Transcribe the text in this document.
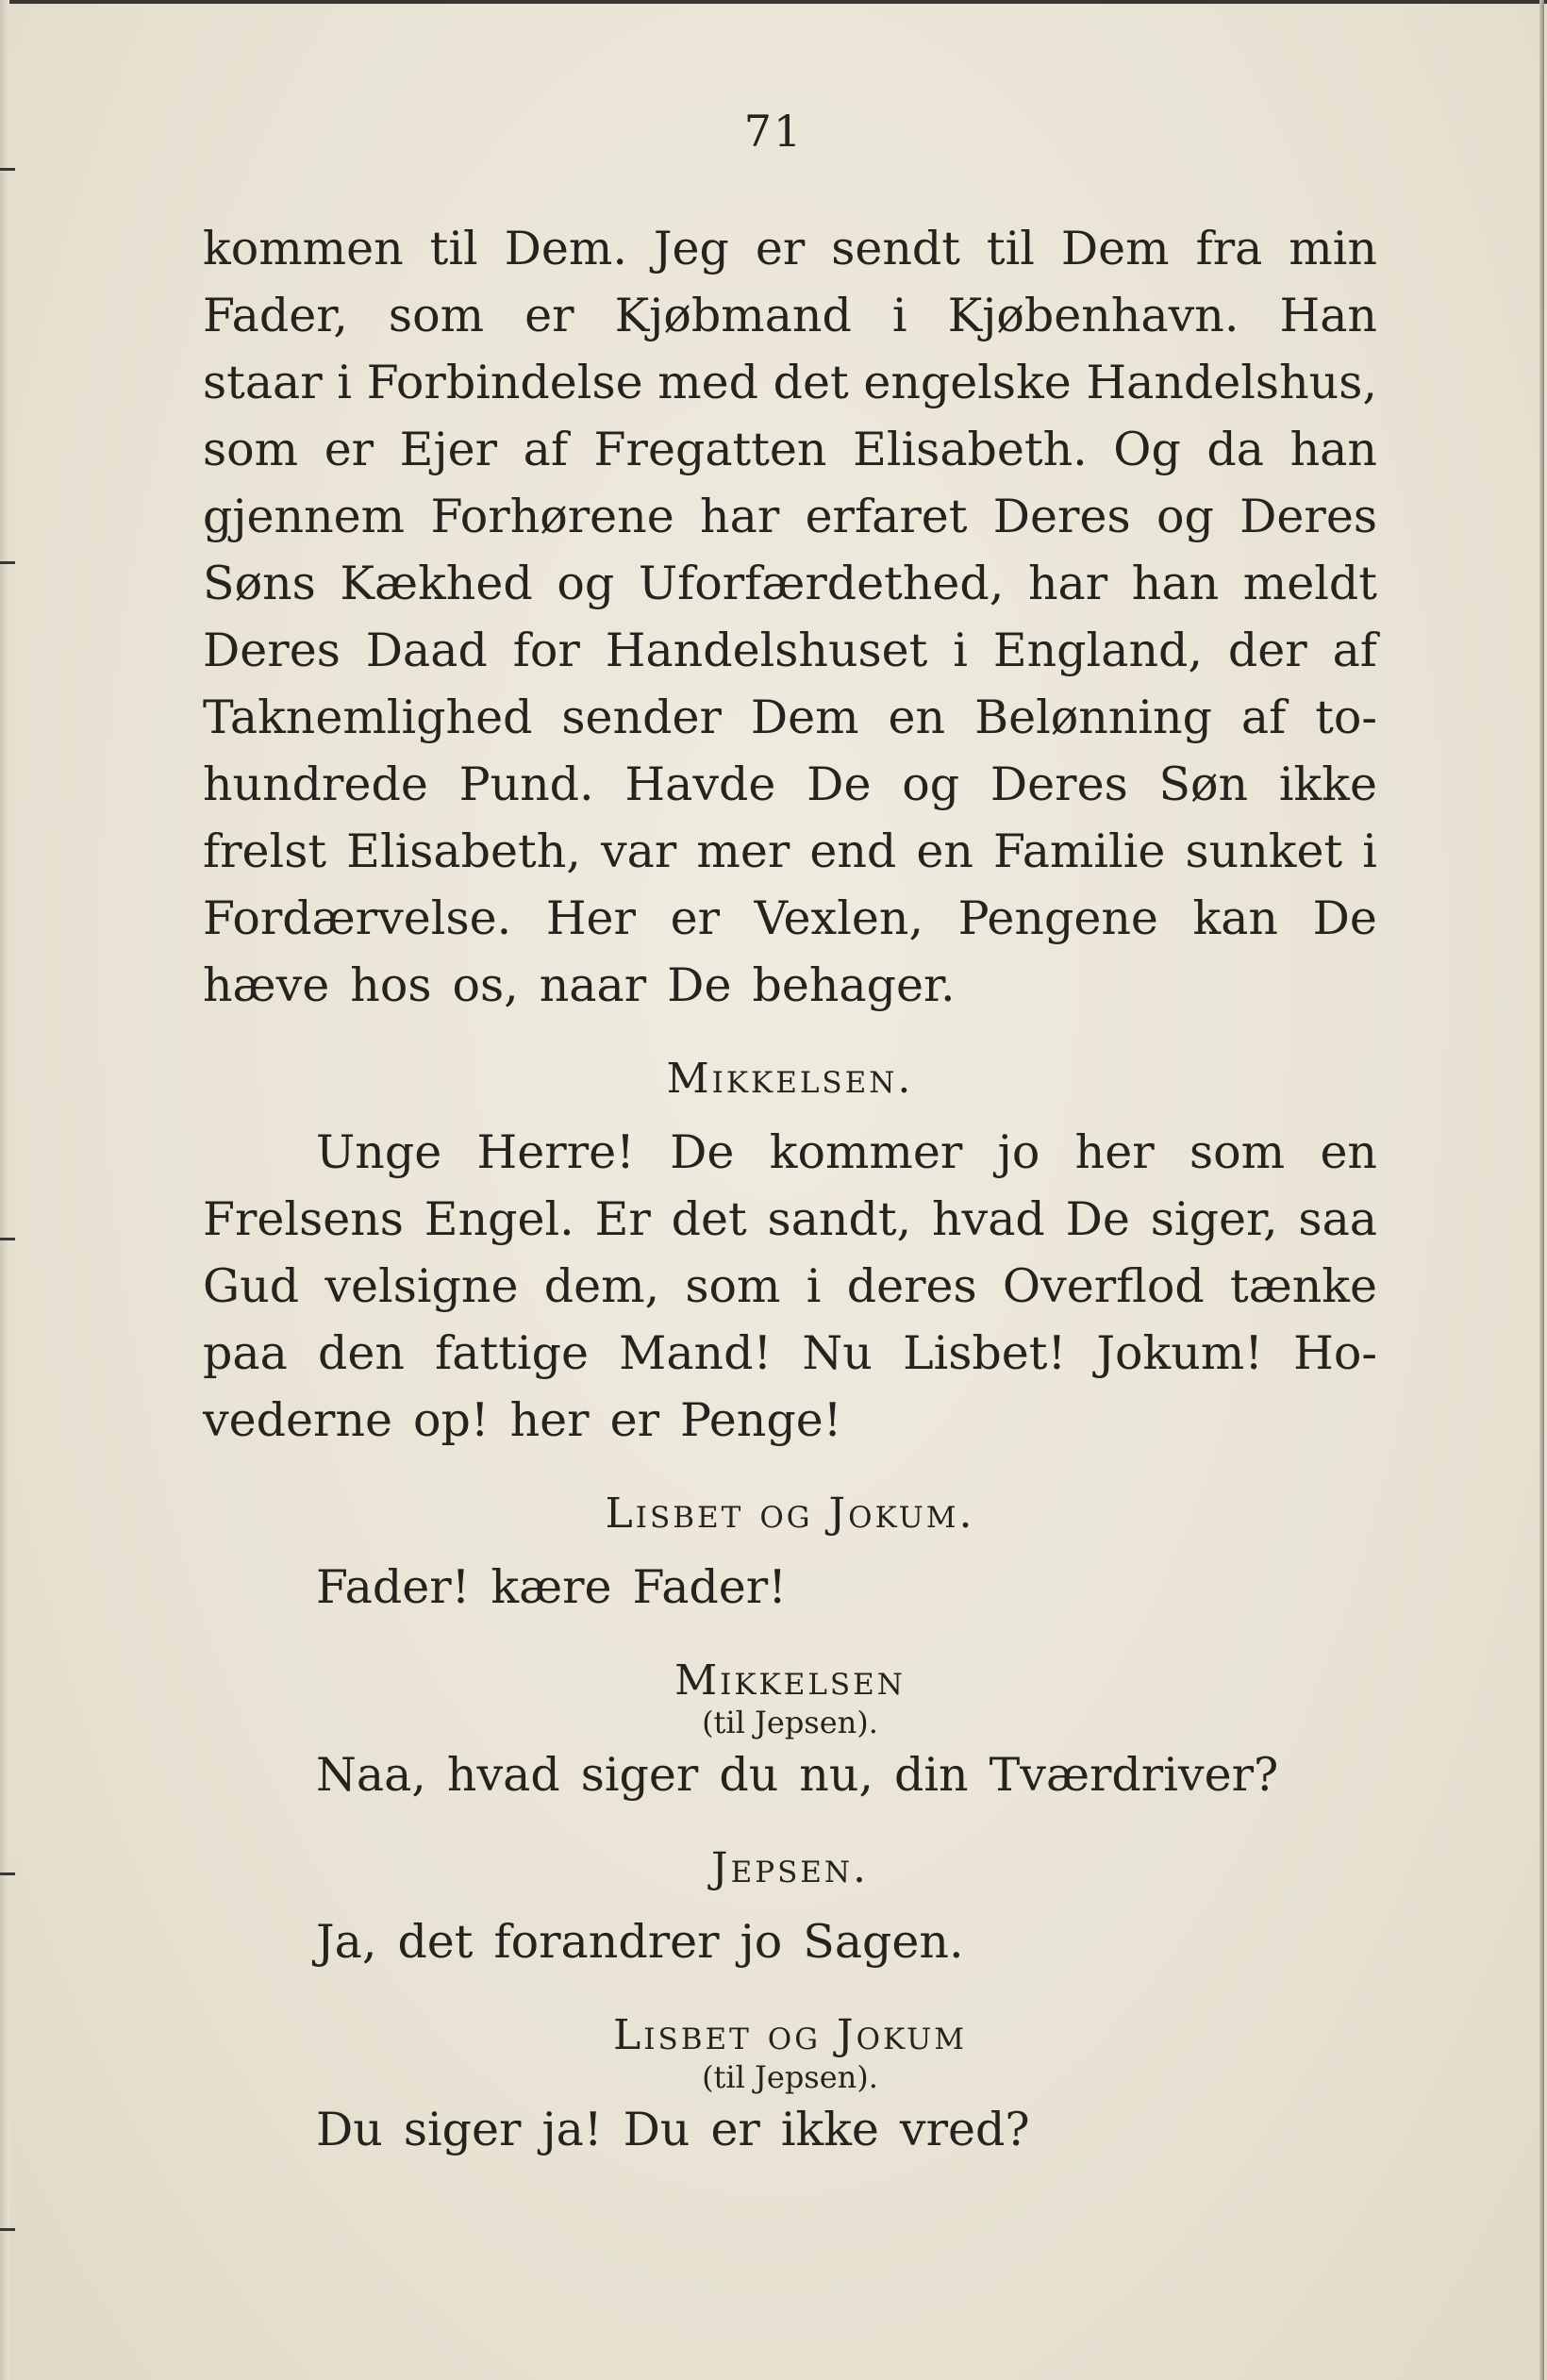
71
kommen til Dem. Jeg er sendt til Dem fra min
Fader, som er Kjøbmand i Kjøbenhavn. Han
staar i Forbindelse med det engelske Handelshus,
som er Ejer af Fregatten Elisabeth. Og da han
gjennem Forhørene har erfaret Deres og Deres
Søns Kækhed og Uforfærdethed, har han meldt
Deres Daad for Handelshuset i England, der af
Taknemlighed sender Dem en Belønning af to-
hundrede Pund. Havde De og Deres Søn ikke
frelst Elisabeth, var mer end en Familie sunket i
Fordærvelse. Her er Vexlen, Pengene kan De
hæve hos os, naar De behager.
Mikkelsen.
Unge Herre! De kommer jo her som en
Frelsens Engel. Er det sandt, hvad De siger, saa
Gud velsigne dem, som i deres Overflod tænke
paa den fattige Mand! Nu Lisbet! Jokum! Ho-
vederne op! her er Penge!
Lisbet og Jokum.
Fader! kære Fader!
Mikkelsen
(til Jepsen).
Naa, hvad siger du nu, din Tværdriver?
Jepsen.
Ja, det forandrer jo Sagen.
Lisbet og Jokum
(til Jepsen).
Du siger ja! Du er ikke vred?
